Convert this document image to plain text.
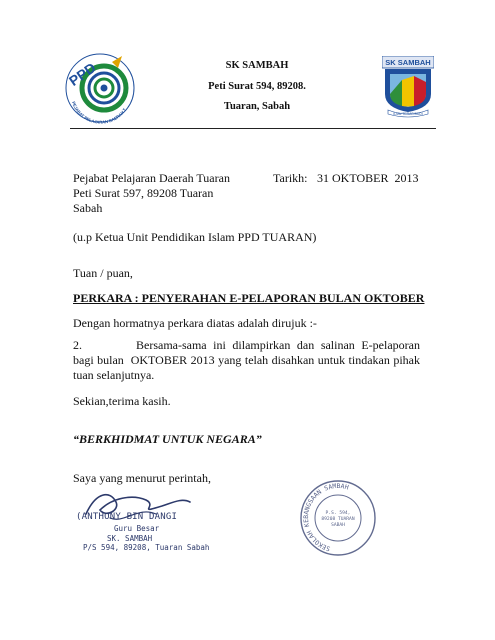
PPD
PEJABAT PELAJARAN DAERAH T
SK SAMBAH
Peti Surat 594, 89208.
Tuaran, Sabah
SK SAMBAH
ILMU TERAS BUDI
Pejabat Pelajaran Daerah Tuaran	Tarikh: 31 OKTOBER  2013
Peti Surat 597, 89208 Tuaran
Sabah
(u.p Ketua Unit Pendidikan Islam PPD TUARAN)
Tuan / puan,
PERKARA : PENYERAHAN E-PELAPORAN BULAN OKTOBER
Dengan hormatnya perkara diatas adalah dirujuk :-
2.	Bersama-sama ini dilampirkan dan salinan E-pelaporan bagi bulan  OKTOBER 2013 yang telah disahkan untuk tindakan pihak tuan selanjutnya.
Sekian,terima kasih.
“BERKHIDMAT UNTUK NEGARA”
Saya yang menurut perintah,
(ANTHONY BIN DANGI
Guru Besar
SK. SAMBAH
P/S 594, 89208, Tuaran Sabah	SEKOLAH KEBANGSAAN SAMBAH
P.S. 594,
89208 TUARAN
SABAH
